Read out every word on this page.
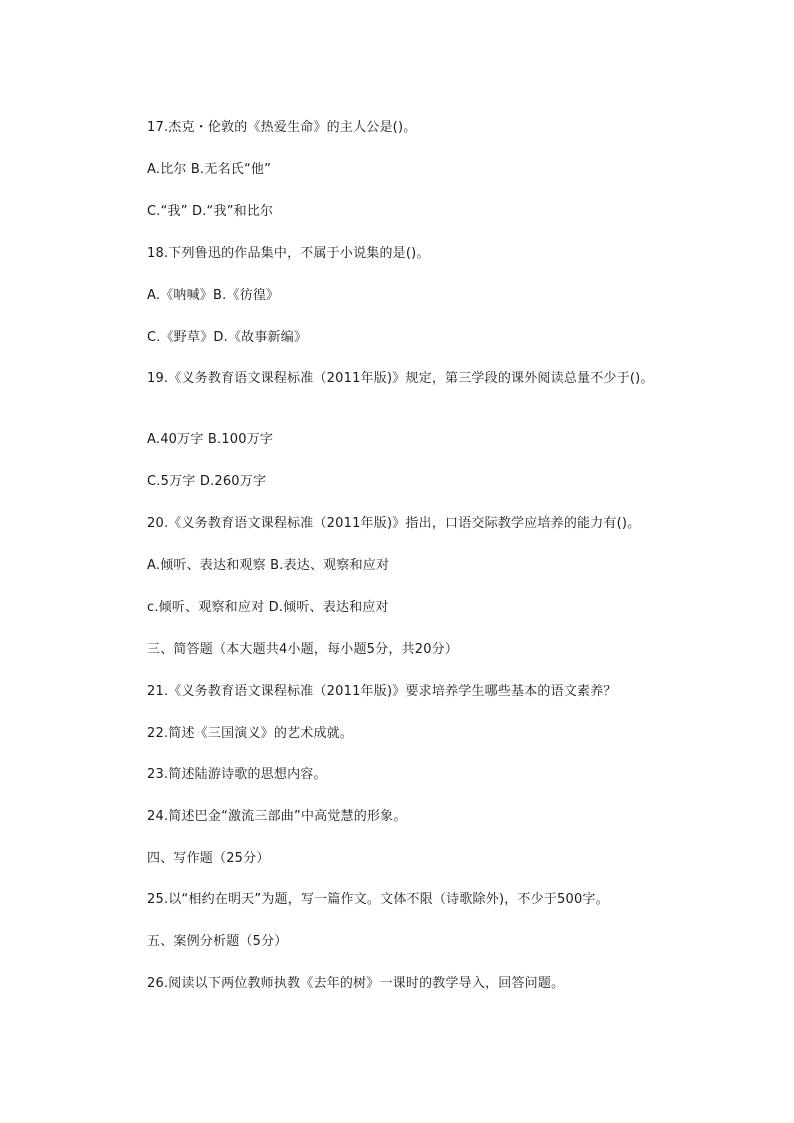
17.杰克・伦敦的《热爱生命》的主人公是()。
A.比尔 B.无名氏“他”
C.“我” D.“我”和比尔
18.下列鲁迅的作品集中，不属于小说集的是()。
A.《呐喊》B.《彷徨》
C.《野草》D.《故事新编》
19.《义务教育语文课程标准（2011年版)》规定，第三学段的课外阅读总量不少于()。
A.40万字 B.100万字
C.5万字 D.260万字
20.《义务教育语文课程标准（2011年版)》指出，口语交际教学应培养的能力有()。
A.倾听、表达和观察 B.表达、观察和应对
c.倾听、观察和应对 D.倾听、表达和应对
三、简答题（本大题共4小题，每小题5分，共20分）
21.《义务教育语文课程标准（2011年版)》要求培养学生哪些基本的语文素养？
22.简述《三国演义》的艺术成就。
23.简述陆游诗歌的思想内容。
24.简述巴金“激流三部曲”中高觉慧的形象。
四、写作题（25分）
25.以“相约在明天”为题，写一篇作文。文体不限（诗歌除外)，不少于500字。
五、案例分析题（5分）
26.阅读以下两位教师执教《去年的树》一课时的教学导入，回答问题。
